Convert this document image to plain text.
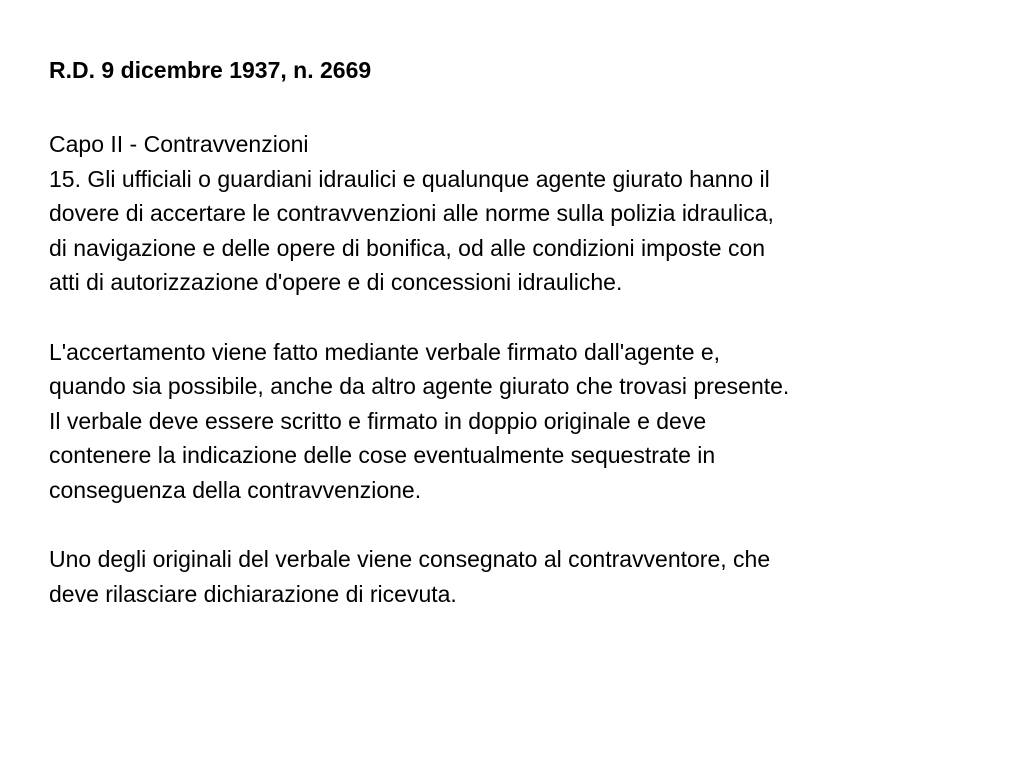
R.D. 9 dicembre 1937, n. 2669
Capo II - Contravvenzioni
15. Gli ufficiali o guardiani idraulici e qualunque agente giurato hanno il
dovere di accertare le contravvenzioni alle norme sulla polizia idraulica,
di navigazione e delle opere di bonifica, od alle condizioni imposte con
atti di autorizzazione d'opere e di concessioni idrauliche.
L'accertamento viene fatto mediante verbale firmato dall'agente e,
quando sia possibile, anche da altro agente giurato che trovasi presente.
Il verbale deve essere scritto e firmato in doppio originale e deve
contenere la indicazione delle cose eventualmente sequestrate in
conseguenza della contravvenzione.
Uno degli originali del verbale viene consegnato al contravventore, che
deve rilasciare dichiarazione di ricevuta.
